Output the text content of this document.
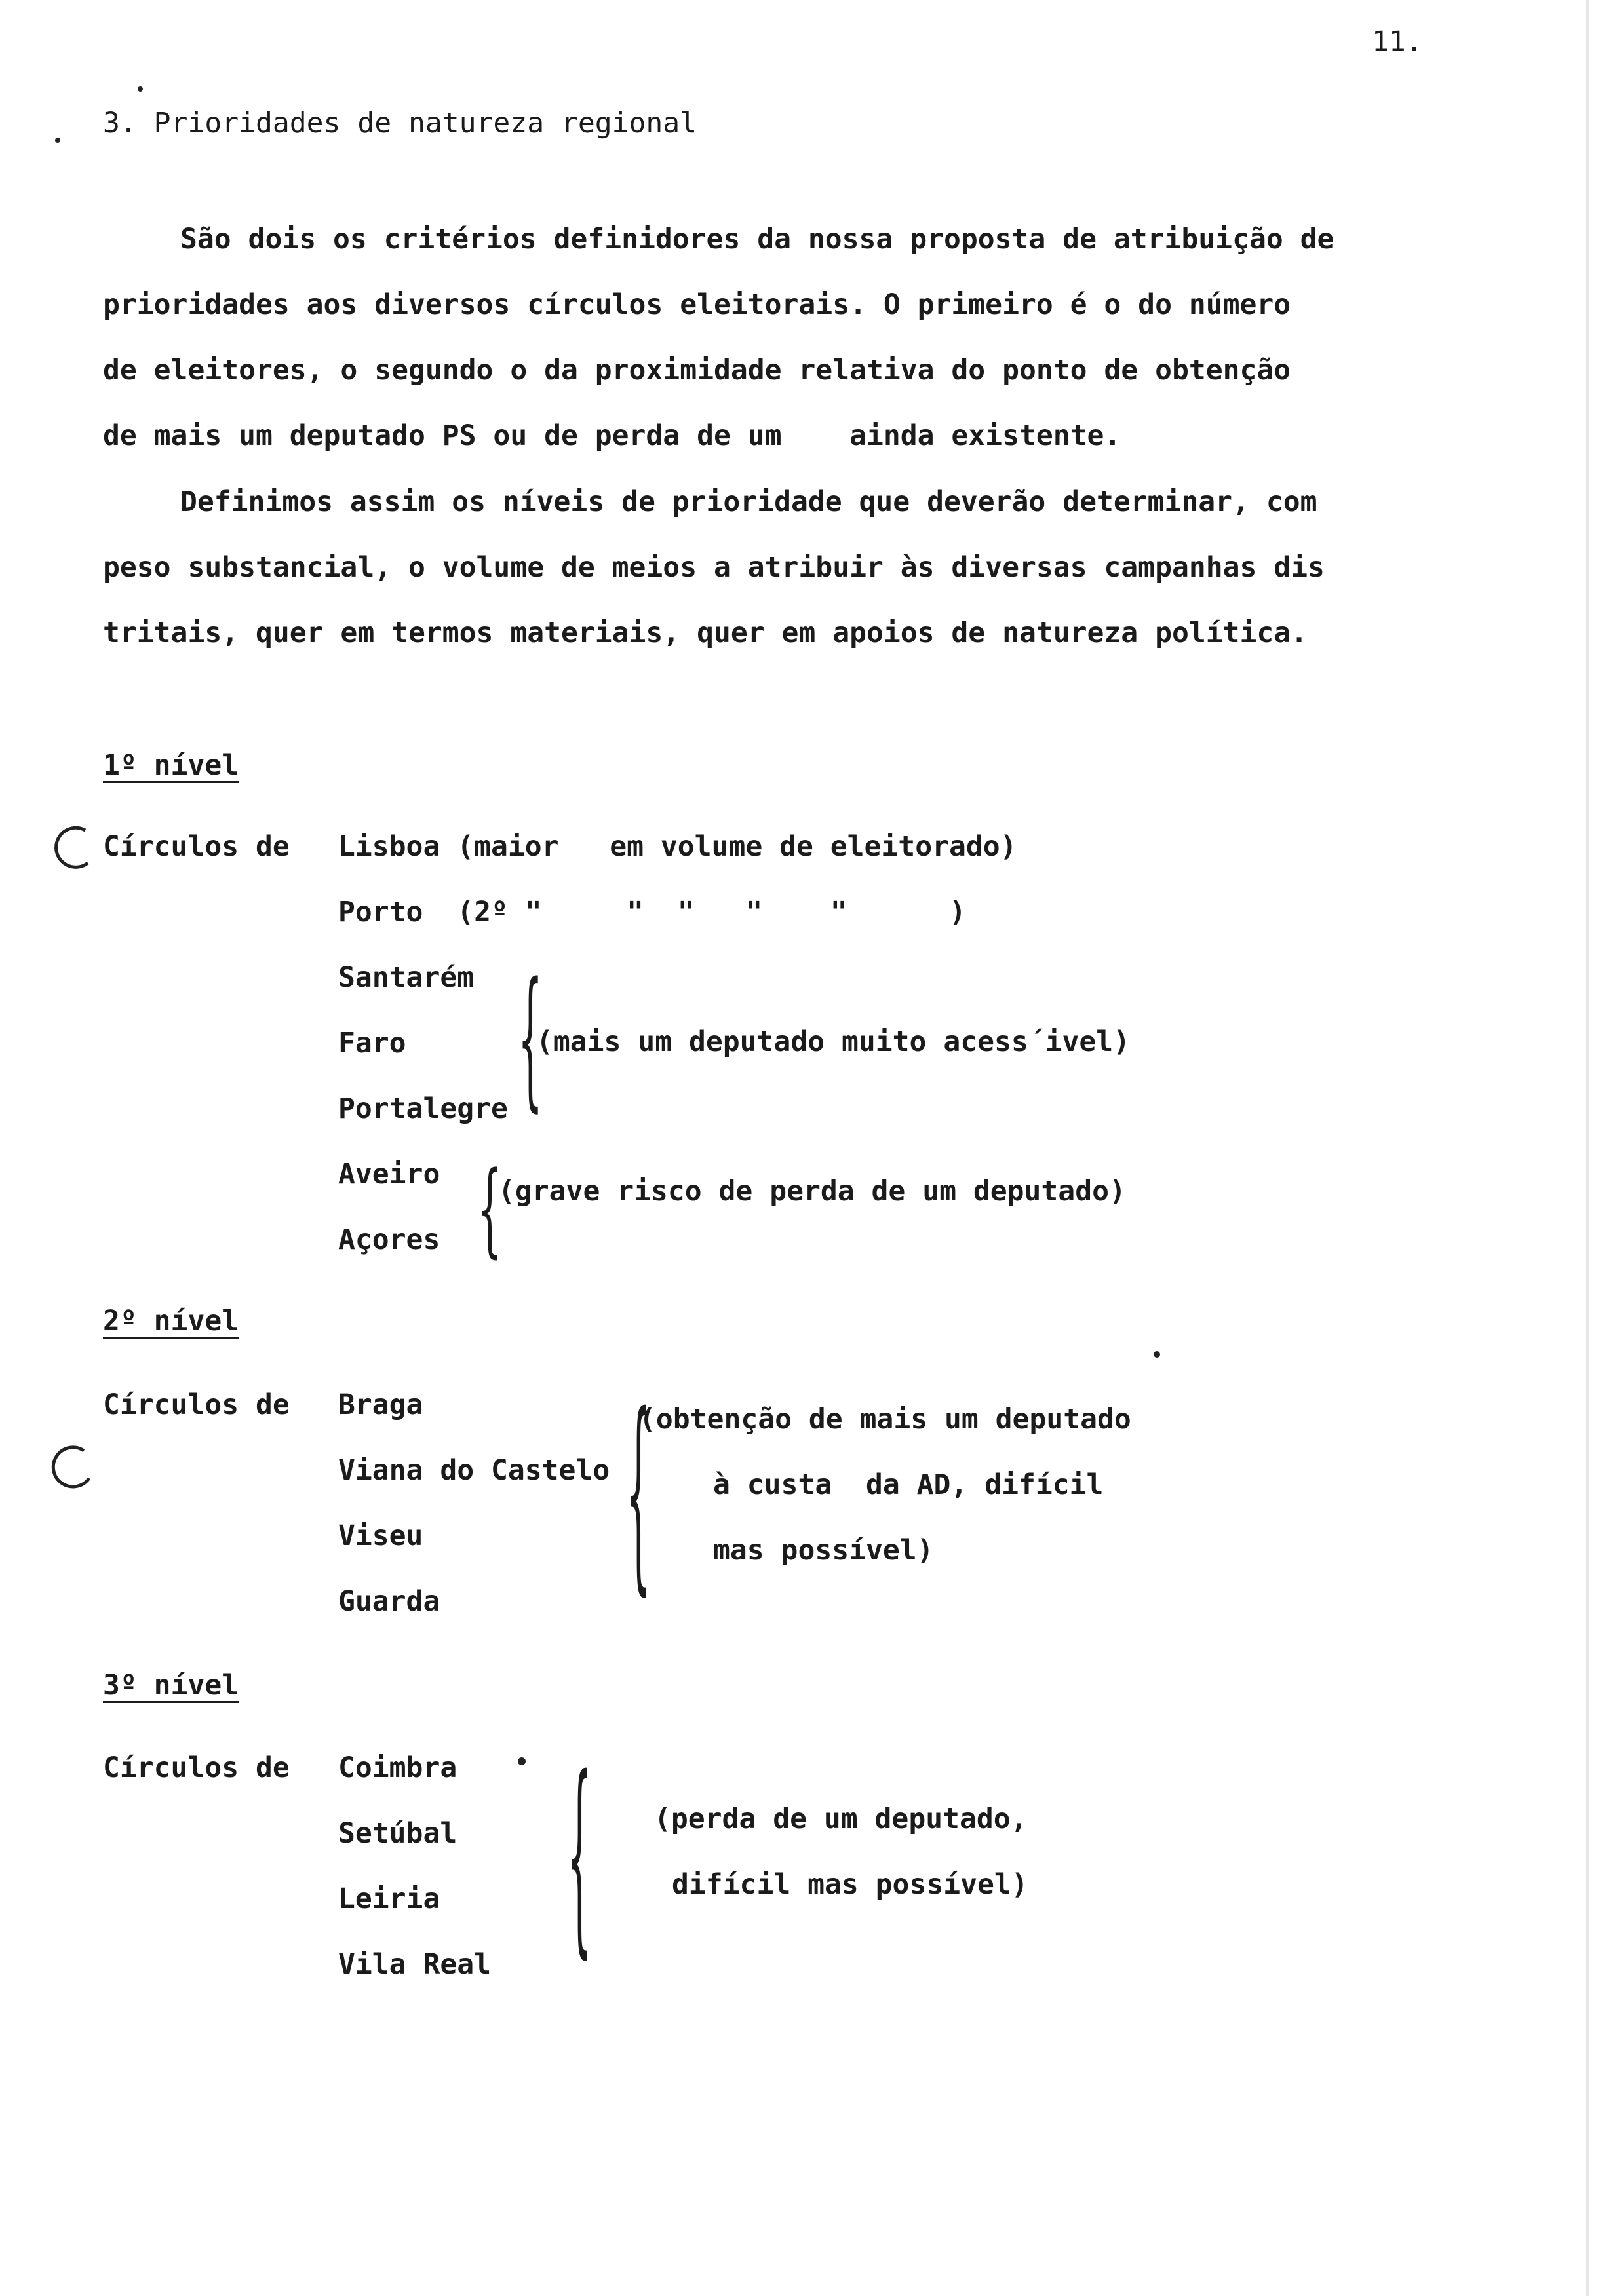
11.
3. Prioridades de natureza regional
São dois os critérios definidores da nossa proposta de atribuição de
prioridades aos diversos círculos eleitorais. O primeiro é o do número
de eleitores, o segundo o da proximidade relativa do ponto de obtenção
de mais um deputado PS ou de perda de um    ainda existente.
Definimos assim os níveis de prioridade que deverão determinar, com
peso substancial, o volume de meios a atribuir às diversas campanhas dis
tritais, quer em termos materiais, quer em apoios de natureza política.
1º nível
Círculos de Lisboa (maior   em volume de eleitorado)
Porto  (2º "     "  "   "    "      )
Santarém
Faro
Portalegre {
(mais um deputado muito acess´ivel)
Aveiro
Açores {
(grave risco de perda de um deputado)
2º nível
Círculos de Braga
Viana do Castelo
Viseu
Guarda	{
(obtenção de mais um deputado
à custa  da AD, difícil
mas possível)
3º nível
Círculos de Coimbra
Setúbal
Leiria
Vila Real { (perda de um deputado,
difícil mas possível)
